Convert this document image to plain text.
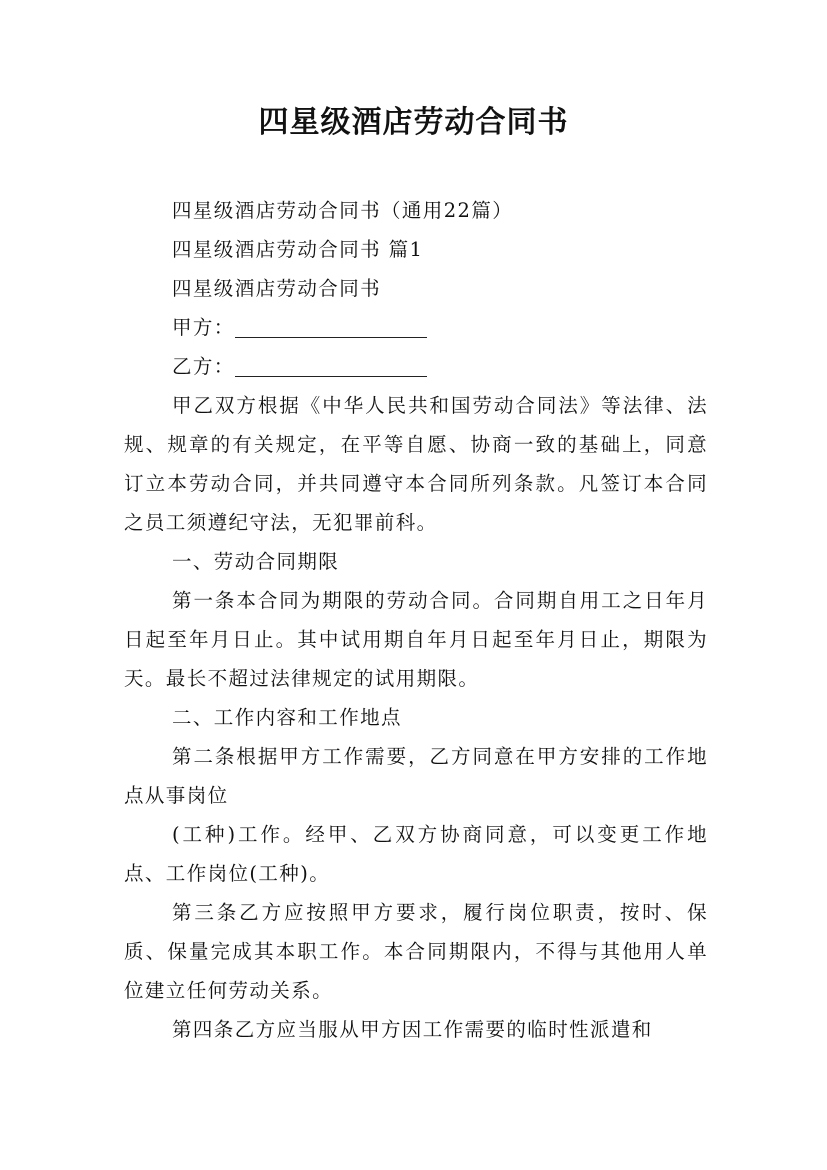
四星级酒店劳动合同书

四星级酒店劳动合同书（通用22篇）

四星级酒店劳动合同书 篇1

四星级酒店劳动合同书

甲方：

乙方：

甲乙双方根据《中华人民共和国劳动合同法》等法律、法规、规章的有关规定，在平等自愿、协商一致的基础上，同意订立本劳动合同，并共同遵守本合同所列条款。凡签订本合同之员工须遵纪守法，无犯罪前科。

一、劳动合同期限

第一条本合同为期限的劳动合同。合同期自用工之日年月日起至年月日止。其中试用期自年月日起至年月日止，期限为天。最长不超过法律规定的试用期限。

二、工作内容和工作地点

第二条根据甲方工作需要，乙方同意在甲方安排的工作地点从事岗位

(工种)工作。经甲、乙双方协商同意，可以变更工作地点、工作岗位(工种)。

第三条乙方应按照甲方要求，履行岗位职责，按时、保质、保量完成其本职工作。本合同期限内，不得与其他用人单位建立任何劳动关系。

第四条乙方应当服从甲方因工作需要的临时性派遣和
